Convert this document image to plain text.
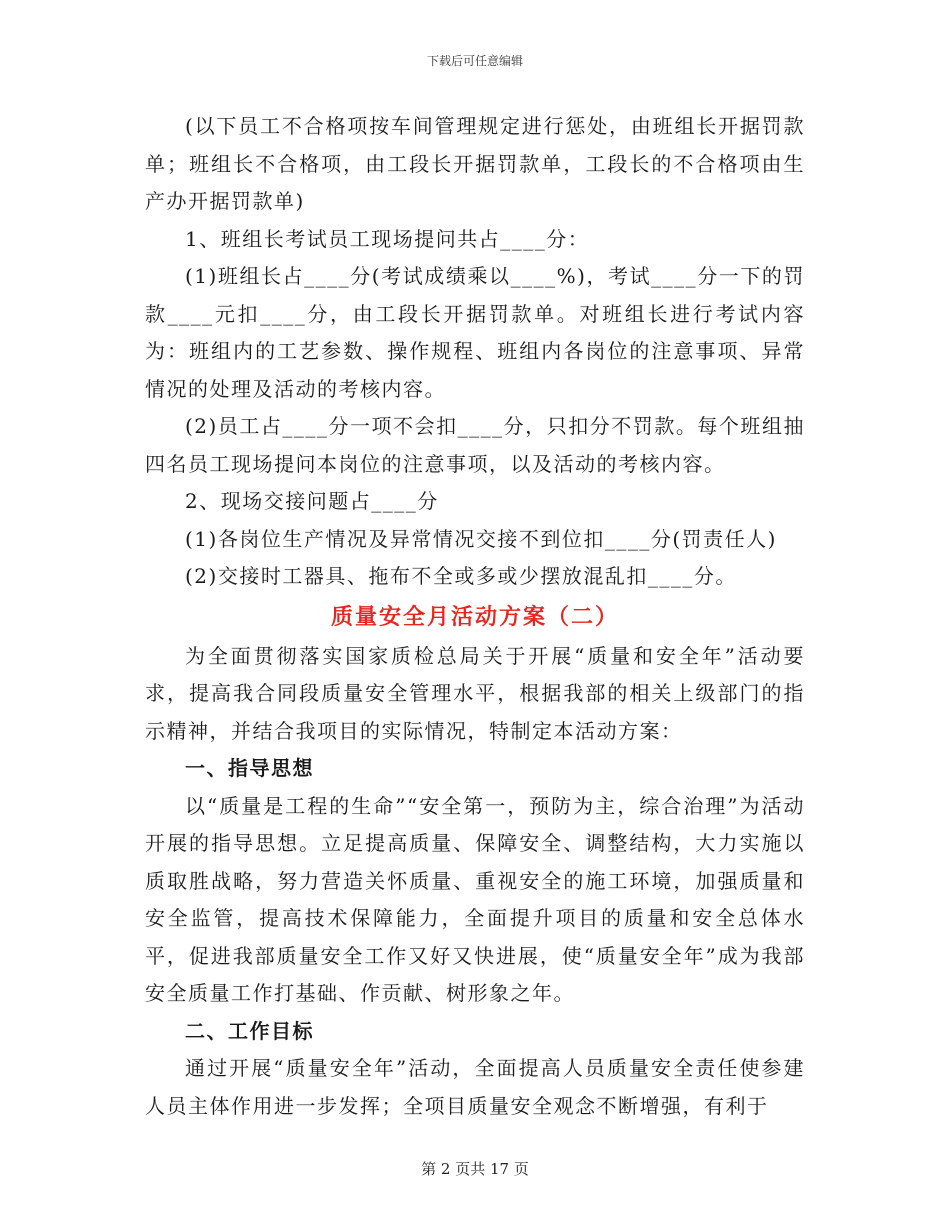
下载后可任意编辑

(以下员工不合格项按车间管理规定进行惩处，由班组长开据罚款单；班组长不合格项，由工段长开据罚款单，工段长的不合格项由生产办开据罚款单)

1、班组长考试员工现场提问共占____分：

(1)班组长占____分(考试成绩乘以____%)，考试____分一下的罚款____元扣____分，由工段长开据罚款单。对班组长进行考试内容为：班组内的工艺参数、操作规程、班组内各岗位的注意事项、异常情况的处理及活动的考核内容。

(2)员工占____分一项不会扣____分，只扣分不罚款。每个班组抽四名员工现场提问本岗位的注意事项，以及活动的考核内容。

2、现场交接问题占____分

(1)各岗位生产情况及异常情况交接不到位扣____分(罚责任人)

(2)交接时工器具、拖布不全或多或少摆放混乱扣____分。

质量安全月活动方案（二）

为全面贯彻落实国家质检总局关于开展“质量和安全年”活动要求，提高我合同段质量安全管理水平，根据我部的相关上级部门的指示精神，并结合我项目的实际情况，特制定本活动方案：

一、指导思想

以“质量是工程的生命”“安全第一，预防为主，综合治理”为活动开展的指导思想。立足提高质量、保障安全、调整结构，大力实施以质取胜战略，努力营造关怀质量、重视安全的施工环境，加强质量和安全监管，提高技术保障能力，全面提升项目的质量和安全总体水平，促进我部质量安全工作又好又快进展，使“质量安全年”成为我部安全质量工作打基础、作贡献、树形象之年。

二、工作目标

通过开展“质量安全年”活动，全面提高人员质量安全责任使参建人员主体作用进一步发挥；全项目质量安全观念不断增强，有利于

第 2 页共 17 页
